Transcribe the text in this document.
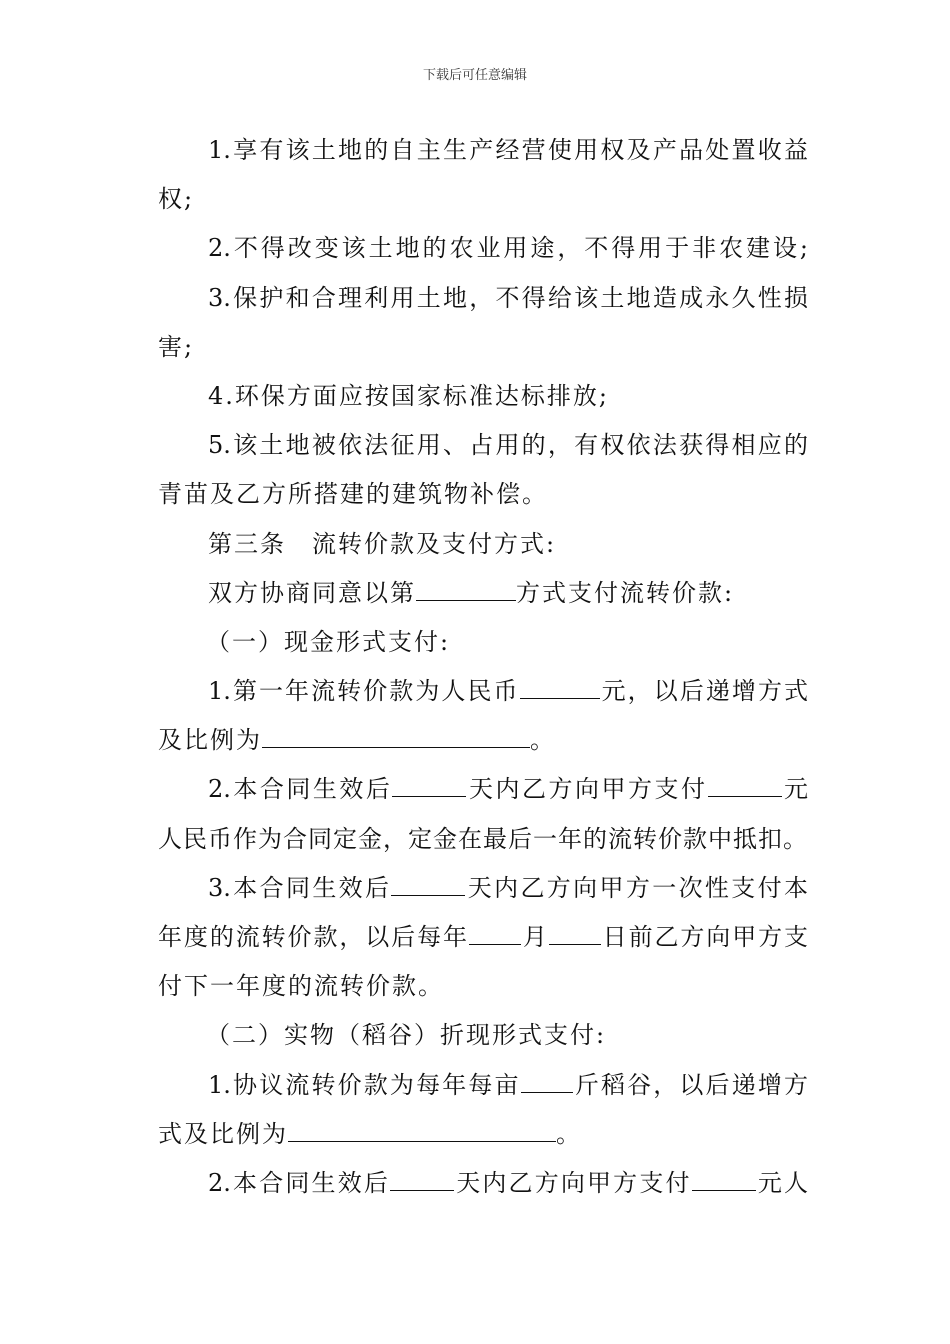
下载后可任意编辑
1.享有该土地的自主生产经营使用权及产品处置收益
权;
2.不得改变该土地的农业用途，不得用于非农建设;
3.保护和合理利用土地，不得给该土地造成永久性损
害;
4.环保方面应按国家标准达标排放;
5.该土地被依法征用、占用的，有权依法获得相应的
青苗及乙方所搭建的建筑物补偿。
第三条　流转价款及支付方式:
双方协商同意以第	方式支付流转价款:
（一）现金形式支付:
1.第一年流转价款为人民币	元，以后递增方式
及比例为	。
2.本合同生效后	天内乙方向甲方支付	元
人民币作为合同定金，定金在最后一年的流转价款中抵扣。
3.本合同生效后	天内乙方向甲方一次性支付本
年度的流转价款，以后每年 月 日前乙方向甲方支
付下一年度的流转价款。
（二）实物（稻谷）折现形式支付:
1.协议流转价款为每年每亩 斤稻谷，以后递增方
式及比例为	。
2.本合同生效后	天内乙方向甲方支付	元人
